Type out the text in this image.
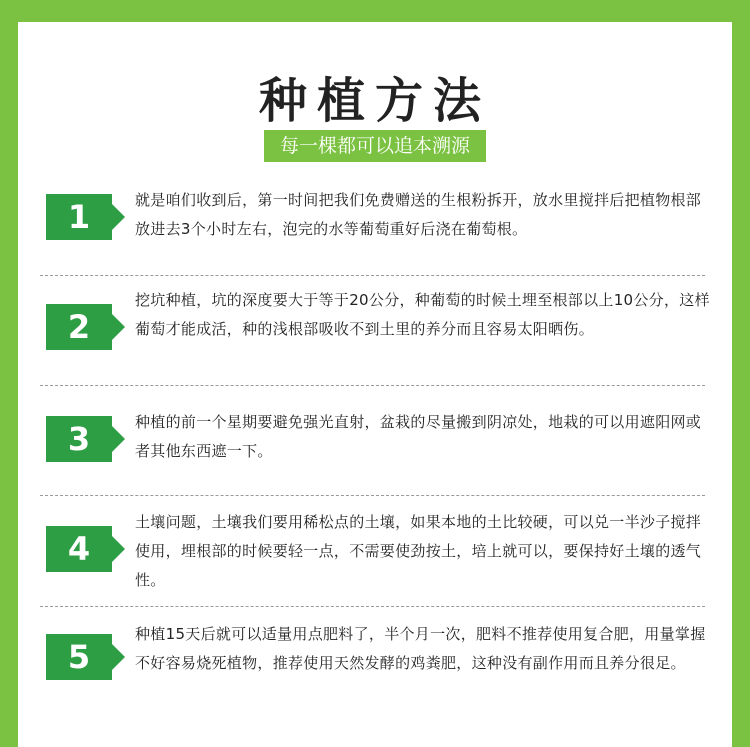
种植方法
每一棵都可以追本溯源
1	就是咱们收到后，第一时间把我们免费赠送的生根粉拆开，放水里搅拌后把植物根部放进去3个小时左右，泡完的水等葡萄重好后浇在葡萄根。
2
挖坑种植，坑的深度要大于等于20公分，种葡萄的时候土埋至根部以上10公分，这样葡萄才能成活，种的浅根部吸收不到土里的养分而且容易太阳晒伤。
3	种植的前一个星期要避免强光直射，盆栽的尽量搬到阴凉处，地栽的可以用遮阳网或者其他东西遮一下。
4
土壤问题，土壤我们要用稀松点的土壤，如果本地的土比较硬，可以兑一半沙子搅拌使用，埋根部的时候要轻一点，不需要使劲按土，培上就可以，要保持好土壤的透气性。
5
种植15天后就可以适量用点肥料了，半个月一次，肥料不推荐使用复合肥，用量掌握不好容易烧死植物，推荐使用天然发酵的鸡粪肥，这种没有副作用而且养分很足。
